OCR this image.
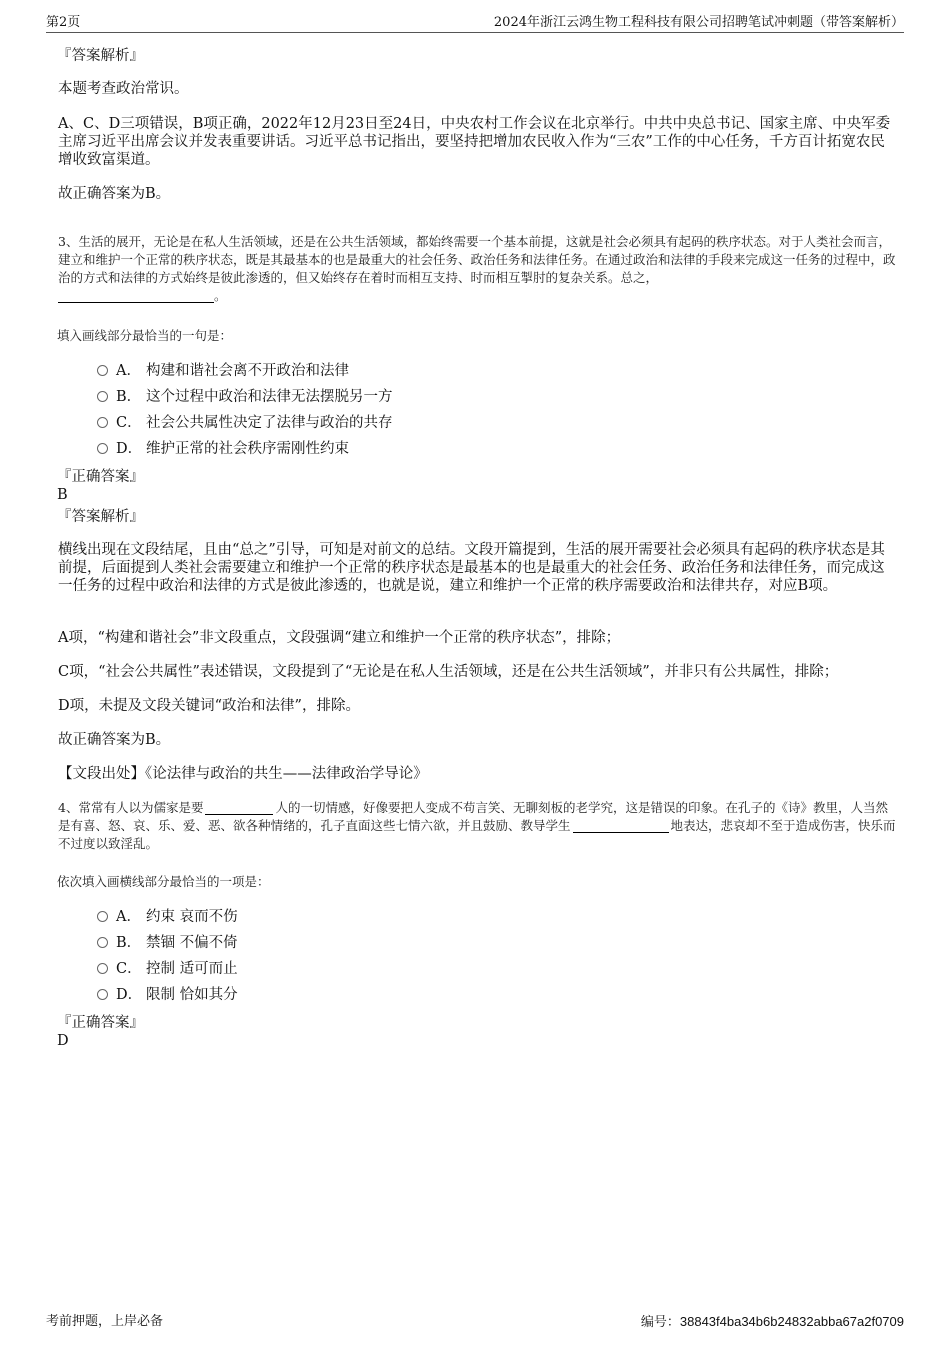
第2页	2024年浙江云鸿生物工程科技有限公司招聘笔试冲刺题（带答案解析）
『答案解析』
本题考查政治常识。
A、C、D三项错误，B项正确，2022年12月23日至24日，中央农村工作会议在北京举行。中共中央总书记、国家主席、中央军委主席习近平出席会议并发表重要讲话。习近平总书记指出，要坚持把增加农民收入作为“三农”工作的中心任务，千方百计拓宽农民增收致富渠道。
故正确答案为B。
3、生活的展开，无论是在私人生活领域，还是在公共生活领域，都始终需要一个基本前提，这就是社会必须具有起码的秩序状态。对于人类社会而言，建立和维护一个正常的秩序状态，既是其最基本的也是最重大的社会任务、政治任务和法律任务。在通过政治和法律的手段来完成这一任务的过程中，政治的方式和法律的方式始终是彼此渗透的，但又始终存在着时而相互支持、时而相互掣肘的复杂关系。总之，
。
填入画线部分最恰当的一句是：
A． 构建和谐社会离不开政治和法律
B． 这个过程中政治和法律无法摆脱另一方
C． 社会公共属性决定了法律与政治的共存
D． 维护正常的社会秩序需刚性约束
『正确答案』
B
『答案解析』
横线出现在文段结尾，且由“总之”引导，可知是对前文的总结。文段开篇提到，生活的展开需要社会必须具有起码的秩序状态是其前提，后面提到人类社会需要建立和维护一个正常的秩序状态是最基本的也是最重大的社会任务、政治任务和法律任务，而完成这一任务的过程中政治和法律的方式是彼此渗透的，也就是说，建立和维护一个正常的秩序需要政治和法律共存，对应B项。
A项，“构建和谐社会”非文段重点，文段强调“建立和维护一个正常的秩序状态”，排除；
C项，“社会公共属性”表述错误，文段提到了“无论是在私人生活领域，还是在公共生活领域”，并非只有公共属性，排除；
D项，未提及文段关键词“政治和法律”，排除。
故正确答案为B。
【文段出处】《论法律与政治的共生——法律政治学导论》
4、常常有人以为儒家是要	人的一切情感，好像要把人变成不苟言笑、无聊刻板的老学究，这是错误的印象。在孔子的《诗》教里，人当然是有喜、怒、哀、乐、爱、恶、欲各种情绪的，孔子直面这些七情六欲，并且鼓励、教导学生	地表达，悲哀却不至于造成伤害，快乐而不过度以致淫乱。
依次填入画横线部分最恰当的一项是：
A． 约束 哀而不伤
B． 禁锢 不偏不倚
C． 控制 适可而止
D． 限制 恰如其分
『正确答案』
D
考前押题，上岸必备	编号：38843f4ba34b6b24832abba67a2f0709
